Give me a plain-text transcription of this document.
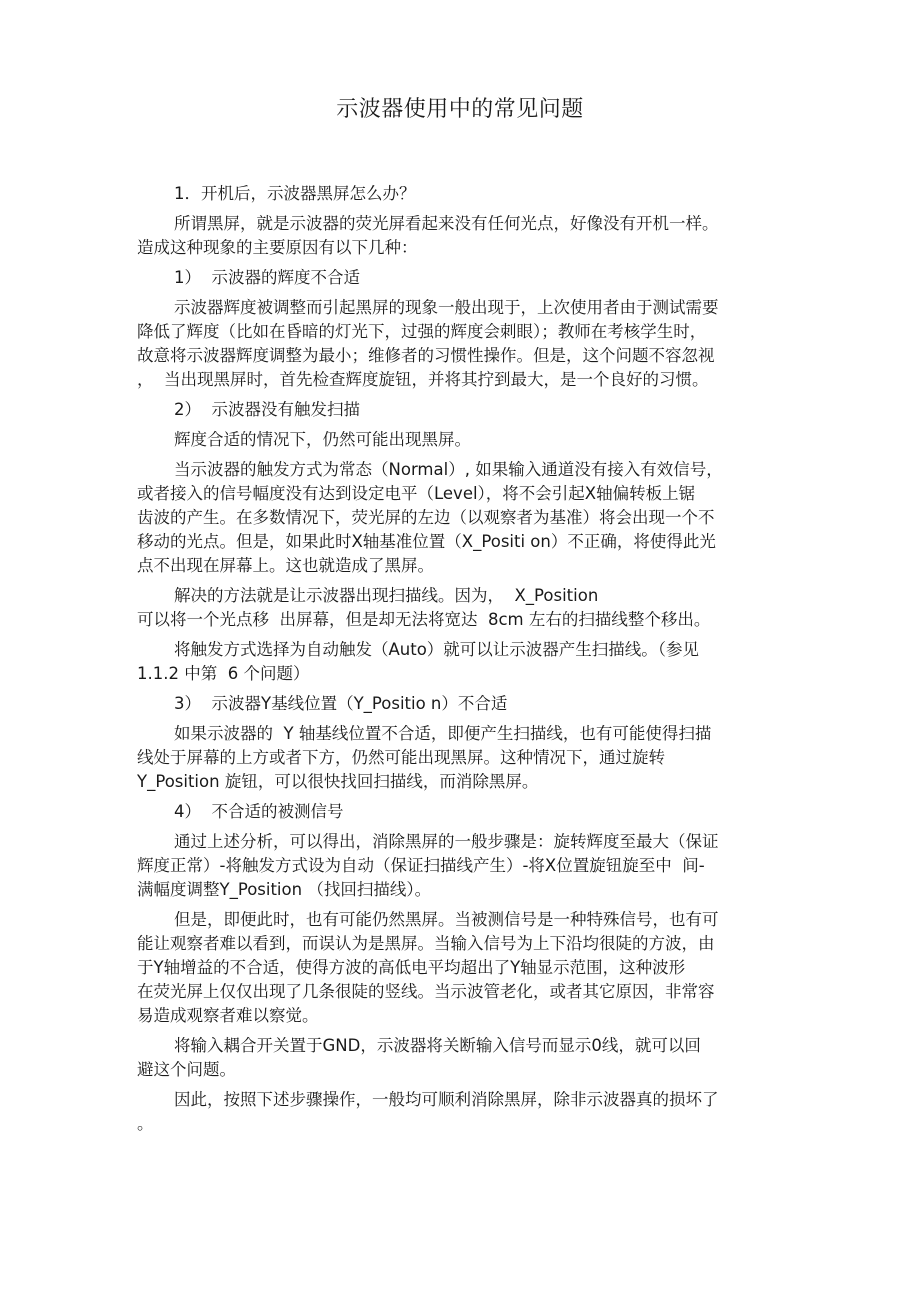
示波器使用中的常见问题

1．开机后，示波器黑屏怎么办？

所谓黑屏，就是示波器的荧光屏看起来没有任何光点，好像没有开机一样。

造成这种现象的主要原因有以下几种：

1）  示波器的辉度不合适

示波器辉度被调整而引起黑屏的现象一般出现于，上次使用者由于测试需要

降低了辉度（比如在昏暗的灯光下，过强的辉度会刺眼）；教师在考核学生时，

故意将示波器辉度调整为最小；维修者的习惯性操作。但是，这个问题不容忽视

，  当出现黑屏时，首先检查辉度旋钮，并将其拧到最大，是一个良好的习惯。

2）  示波器没有触发扫描

辉度合适的情况下，仍然可能出现黑屏。

当示波器的触发方式为常态（Normal）, 如果输入通道没有接入有效信号，

或者接入的信号幅度没有达到设定电平（Level），将不会引起X轴偏转板上锯

齿波的产生。在多数情况下，荧光屏的左边（以观察者为基准）将会出现一个不

移动的光点。但是，如果此时X轴基准位置（X_Positi on）不正确，将使得此光

点不出现在屏幕上。这也就造成了黑屏。

解决的方法就是让示波器出现扫描线。因为，  X_Position

可以将一个光点移  出屏幕，但是却无法将宽达  8cm 左右的扫描线整个移出。

将触发方式选择为自动触发（Auto）就可以让示波器产生扫描线。（参见

1.1.2 中第  6 个问题）

3）  示波器Y基线位置（Y_Positio n）不合适

如果示波器的  Y 轴基线位置不合适，即便产生扫描线，也有可能使得扫描

线处于屏幕的上方或者下方，仍然可能出现黑屏。这种情况下，通过旋转

Y_Position 旋钮，可以很快找回扫描线，而消除黑屏。

4）  不合适的被测信号

通过上述分析，可以得出，消除黑屏的一般步骤是：旋转辉度至最大（保证

辉度正常）-将触发方式设为自动（保证扫描线产生）-将X位置旋钮旋至中  间-

满幅度调整Y_Position （找回扫描线）。

但是，即便此时，也有可能仍然黑屏。当被测信号是一种特殊信号，也有可

能让观察者难以看到，而误认为是黑屏。当输入信号为上下沿均很陡的方波，由

于Y轴增益的不合适，使得方波的高低电平均超出了Y轴显示范围，这种波形

在荧光屏上仅仅出现了几条很陡的竖线。当示波管老化，或者其它原因，非常容

易造成观察者难以察觉。

将输入耦合开关置于GND，示波器将关断输入信号而显示0线，就可以回

避这个问题。

因此，按照下述步骤操作，一般均可顺利消除黑屏，除非示波器真的损坏了

。
